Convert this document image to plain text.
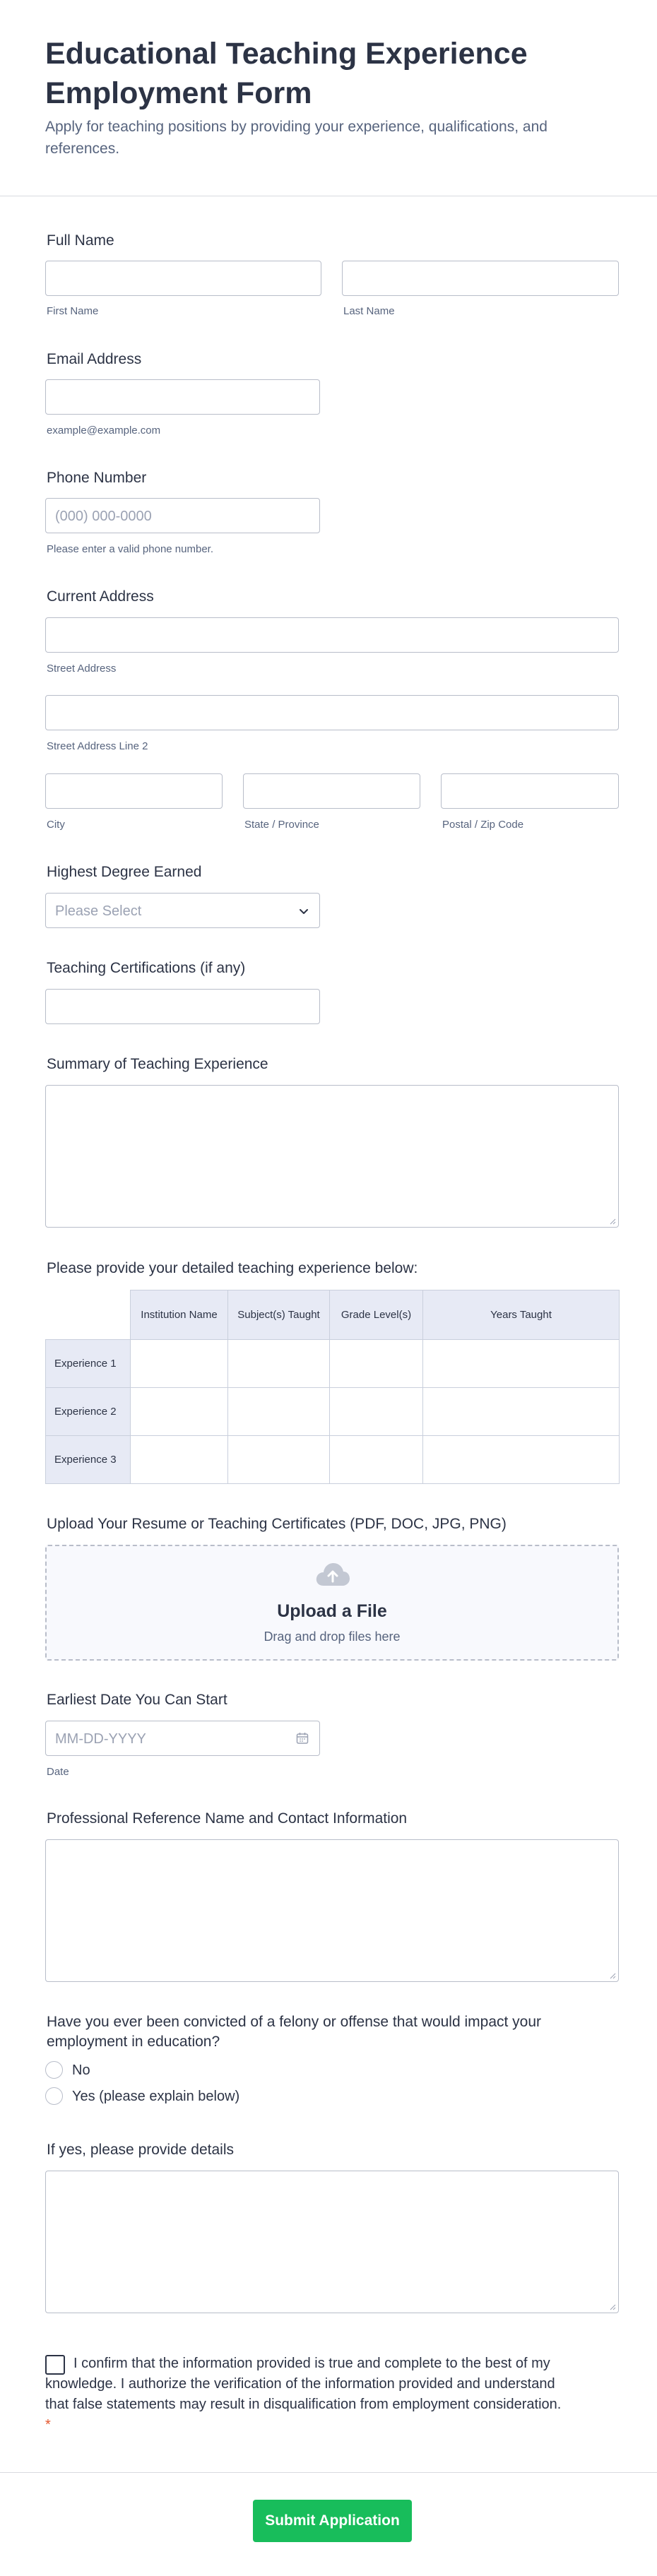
Educational Teaching Experience Employment Form

Apply for teaching positions by providing your experience, qualifications, and references.

Full Name
First Name	Last Name
Email Address
example@example.com
Phone Number
(000) 000-0000
Please enter a valid phone number.
Current Address
Street Address
Street Address Line 2
City	State / Province	Postal / Zip Code
Highest Degree Earned
Please Select
Teaching Certifications (if any)
Summary of Teaching Experience
Please provide your detailed teaching experience below:
	Institution Name	Subject(s) Taught	Grade Level(s)	Years Taught
Experience 1				
Experience 2				
Experience 3				
Upload Your Resume or Teaching Certificates (PDF, DOC, JPG, PNG)
Upload a File
Drag and drop files here
Earliest Date You Can Start
MM-DD-YYYY
Date
Professional Reference Name and Contact Information
Have you ever been convicted of a felony or offense that would impact your employment in education?
No
Yes (please explain below)
If yes, please provide details
I confirm that the information provided is true and complete to the best of my knowledge. I authorize the verification of the information provided and understand that false statements may result in disqualification from employment consideration. *
Submit Application
